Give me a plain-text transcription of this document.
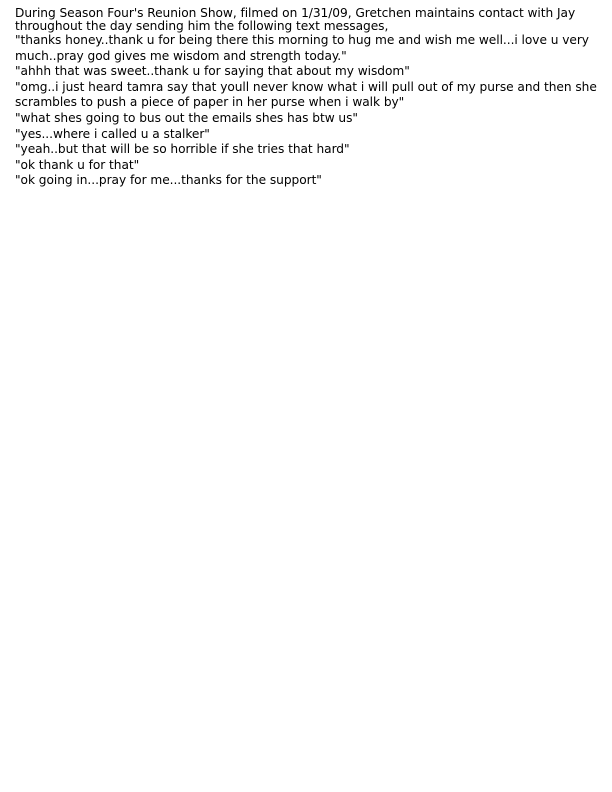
During Season Four's Reunion Show, filmed on 1/31/09, Gretchen maintains contact with Jay
throughout the day sending him the following text messages,
"thanks honey..thank u for being there this morning to hug me and wish me well...i love u very
much..pray god gives me wisdom and strength today."
"ahhh that was sweet..thank u for saying that about my wisdom"
"omg..i just heard tamra say that youll never know what i will pull out of my purse and then she
scrambles to push a piece of paper in her purse when i walk by"
"what shes going to bus out the emails shes has btw us"
"yes...where i called u a stalker"
"yeah..but that will be so horrible if she tries that hard"
"ok thank u for that"
"ok going in...pray for me...thanks for the support"
